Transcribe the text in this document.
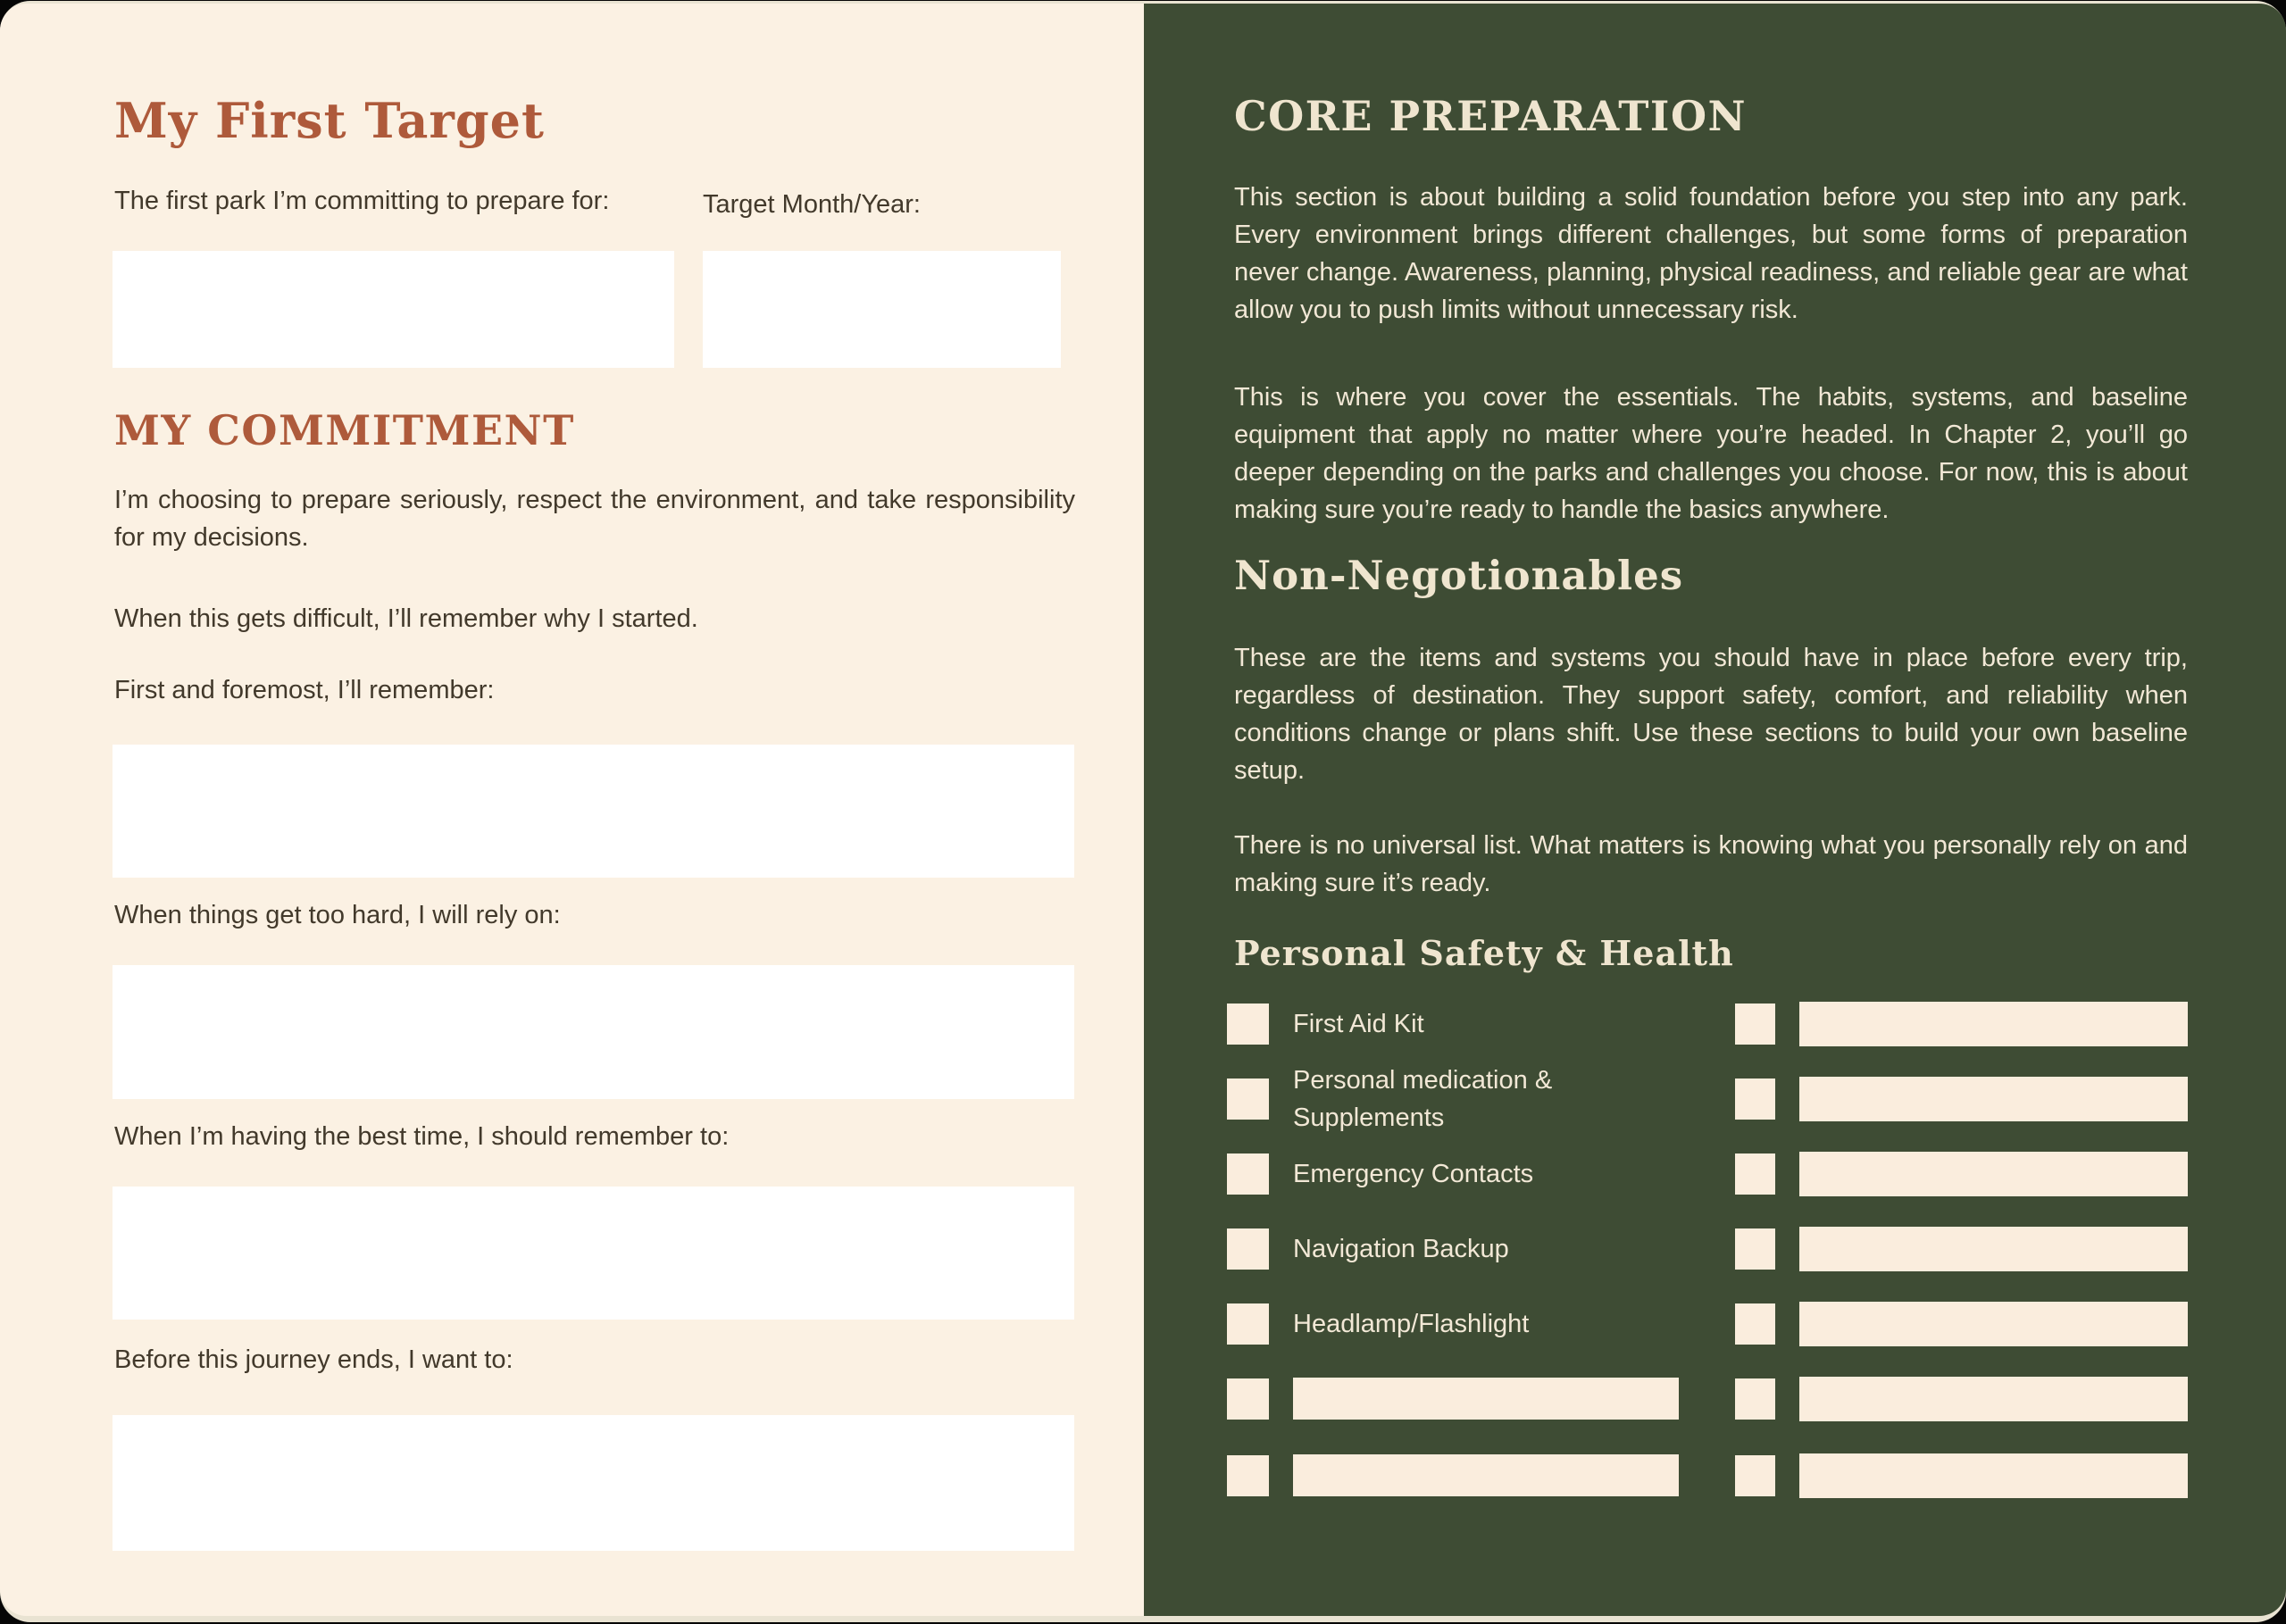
My First Target
The first park I’m committing to prepare for:	Target Month/Year:
MY COMMITMENT
I’m choosing to prepare seriously, respect the environment, and take responsibility for my decisions.
When this gets difficult, I’ll remember why I started.
First and foremost, I’ll remember:
When things get too hard, I will rely on:
When I’m having the best time, I should remember to:
Before this journey ends, I want to:
CORE PREPARATION
This section is about building a solid foundation before you step into any park. Every environment brings different challenges, but some forms of preparation never change. Awareness, planning, physical readiness, and reliable gear are what allow you to push limits without unnecessary risk.
This is where you cover the essentials. The habits, systems, and baseline equipment that apply no matter where you’re headed. In Chapter 2, you’ll go deeper depending on the parks and challenges you choose. For now, this is about making sure you’re ready to handle the basics anywhere.
Non-Negotionables
These are the items and systems you should have in place before every trip, regardless of destination. They support safety, comfort, and reliability when conditions change or plans shift. Use these sections to build your own baseline setup.
There is no universal list. What matters is knowing what you personally rely on and making sure it’s ready.
Personal Safety & Health
First Aid Kit
Personal medication & Supplements
Emergency Contacts
Navigation Backup
Headlamp/Flashlight
